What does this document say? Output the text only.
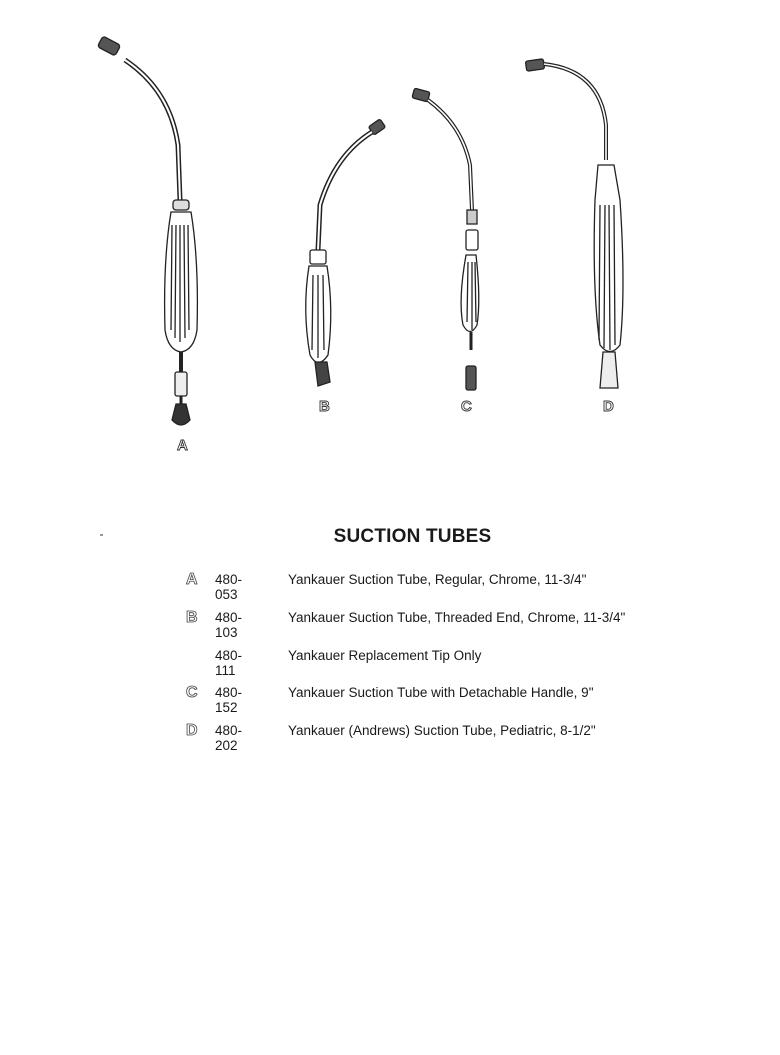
A
B	C	D
SUCTION TUBES
A 480-053
Yankauer Suction Tube, Regular, Chrome, 11-3/4"
B 480-103
Yankauer Suction Tube, Threaded End, Chrome, 11-3/4"
480-111
Yankauer Replacement Tip Only
C 480-152
Yankauer Suction Tube with Detachable Handle, 9"
D 480-202
Yankauer (Andrews) Suction Tube, Pediatric, 8-1/2"
